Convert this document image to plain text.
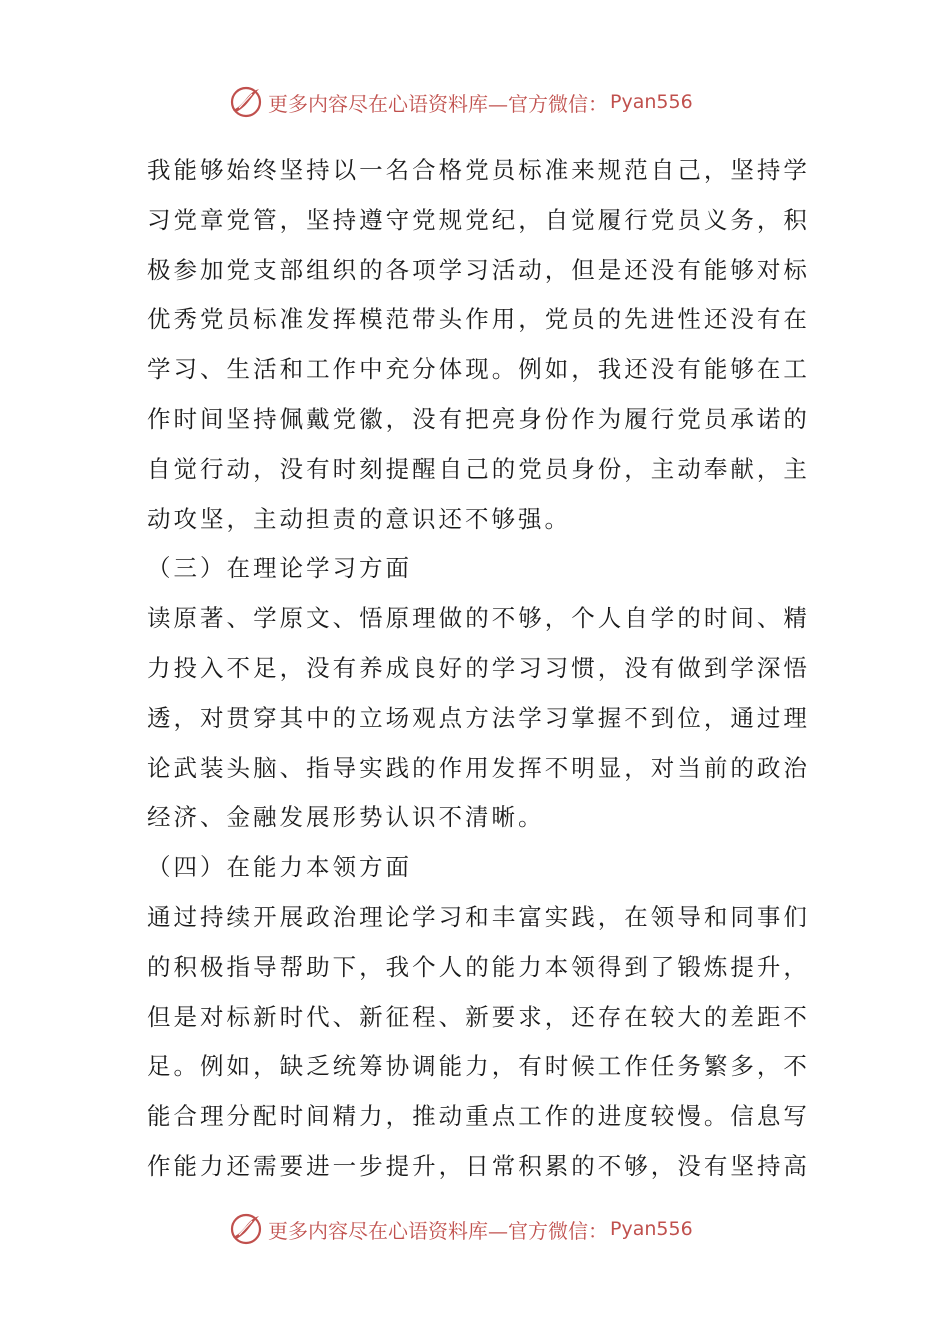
更多内容尽在心语资料库—官方微信： Pyan556
我 能 够 始 终 坚 持 以 一 名 合 格 党 员 标 准 来 规 范 自 己 ， 坚 持 学
习 党 章 党 管 ， 坚 持 遵 守 党 规 党 纪 ， 自 觉 履 行 党 员 义 务 ， 积
极 参 加 党 支 部 组 织 的 各 项 学 习 活 动 ， 但 是 还 没 有 能 够 对 标
优 秀 党 员 标 准 发 挥 模 范 带 头 作 用 ， 党 员 的 先 进 性 还 没 有 在
学 习 、 生 活 和 工 作 中 充 分 体 现 。 例 如 ， 我 还 没 有 能 够 在 工
作 时 间 坚 持 佩 戴 党 徽 ， 没 有 把 亮 身 份 作 为 履 行 党 员 承 诺 的
自 觉 行 动 ， 没 有 时 刻 提 醒 自 己 的 党 员 身 份 ， 主 动 奉 献 ， 主
动攻坚，主动担责的意识还不够强。
（三）在理论学习方面
读 原 著 、 学 原 文 、 悟 原 理 做 的 不 够 ， 个 人 自 学 的 时 间 、 精
力 投 入 不 足 ， 没 有 养 成 良 好 的 学 习 习 惯 ， 没 有 做 到 学 深 悟
透 ， 对 贯 穿 其 中 的 立 场 观 点 方 法 学 习 掌 握 不 到 位 ， 通 过 理
论 武 装 头 脑 、 指 导 实 践 的 作 用 发 挥 不 明 显 ， 对 当 前 的 政 治
经济、金融发展形势认识不清晰。
（四）在能力本领方面
通 过 持 续 开 展 政 治 理 论 学 习 和 丰 富 实 践 ， 在 领 导 和 同 事 们
的 积 极 指 导 帮 助 下 ， 我 个 人 的 能 力 本 领 得 到 了 锻 炼 提 升 ，
但 是 对 标 新 时 代 、 新 征 程 、 新 要 求 ， 还 存 在 较 大 的 差 距 不
足 。 例 如 ， 缺 乏 统 筹 协 调 能 力 ， 有 时 候 工 作 任 务 繁 多 ， 不
能 合 理 分 配 时 间 精 力 ， 推 动 重 点 工 作 的 进 度 较 慢 。 信 息 写
作 能 力 还 需 要 进 一 步 提 升 ， 日 常 积 累 的 不 够 ， 没 有 坚 持 高
更多内容尽在心语资料库—官方微信： Pyan556
